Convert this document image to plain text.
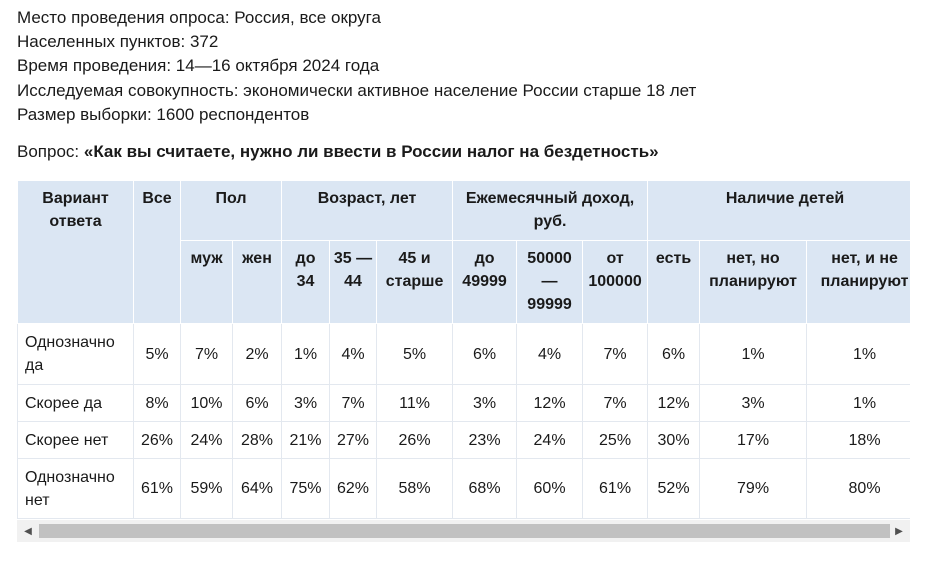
Место проведения опроса: Россия, все округа
Населенных пунктов: 372
Время проведения: 14—16 октября 2024 года
Исследуемая совокупность: экономически активное население России старше 18 лет
Размер выборки: 1600 респондентов
Вопрос: «Как вы считаете, нужно ли ввести в России налог на бездетность»
Вариант ответа	Все	Пол		Возраст, лет			Ежемесячный доход, руб.			Наличие детей		
		муж	жен	до 34	35 — 44	45 и старше	до 49999	50000 — 99999	от 100000	есть	нет, но планируют	нет, и не планируют

Однозначно да	5%	7%	2%	1%	4%	5%	6%	4%	7%	6%	1%	1%
Скорее да	8%	10%	6%	3%	7%	11%	3%	12%	7%	12%	3%	1%
Скорее нет	26%	24%	28%	21%	27%	26%	23%	24%	25%	30%	17%	18%

Однозначно нет	61%	59%	64%	75%	62%	58%	68%	60%	61%	52%	79%	80%
◀	▶
